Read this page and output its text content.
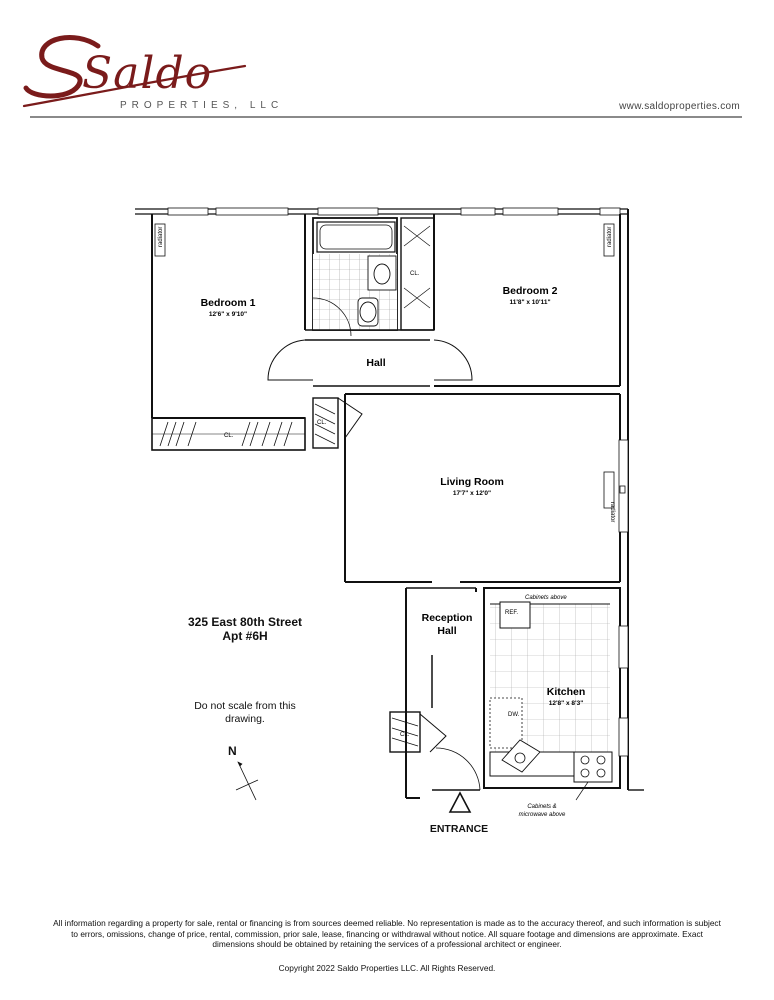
Saldo
PROPERTIES, LLC	www.saldoproperties.com
radiator	radiator
radiator
Bedroom 1
12'6" x 9'10"
Bedroom 2
11'8" x 10'11"
Hall
Living Room
17'7" x 12'0"
Kitchen
12'8" x 8'3"
Reception Hall
CL.
CL.
CL.
CL.
REF.
DW.
Cabinets above
Cabinets & microwave above
325 East 80th Street
Apt #6H
Do not scale from this drawing.
N
ENTRANCE
All information regarding a property for sale, rental or financing is from sources deemed reliable. No representation is made as to the accuracy thereof, and such information is subject to errors, omissions, change of price, rental, commission, prior sale, lease, financing or withdrawal without notice. All square footage and dimensions are approximate. Exact dimensions should be obtained by retaining the services of a professional architect or engineer.
Copyright 2022 Saldo Properties LLC. All Rights Reserved.
